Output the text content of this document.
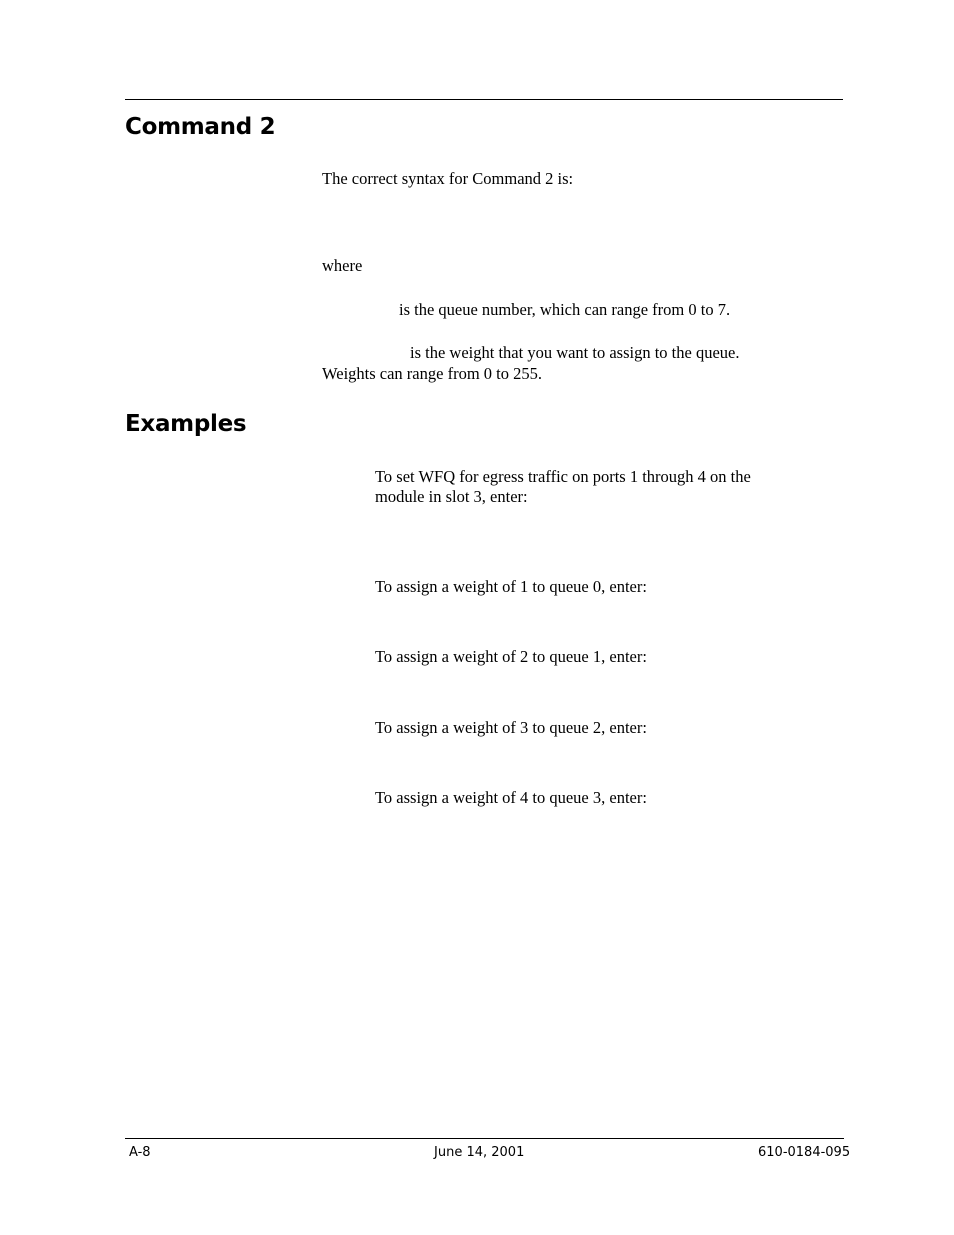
Command 2

The correct syntax for Command 2 is:

where

is the queue number, which can range from 0 to 7.

is the weight that you want to assign to the queue.

Weights can range from 0 to 255.

Examples

To set WFQ for egress traffic on ports 1 through 4 on the

module in slot 3, enter:

To assign a weight of 1 to queue 0, enter:

To assign a weight of 2 to queue 1, enter:

To assign a weight of 3 to queue 2, enter:

To assign a weight of 4 to queue 3, enter:

A-8	June 14, 2001	610-0184-095
